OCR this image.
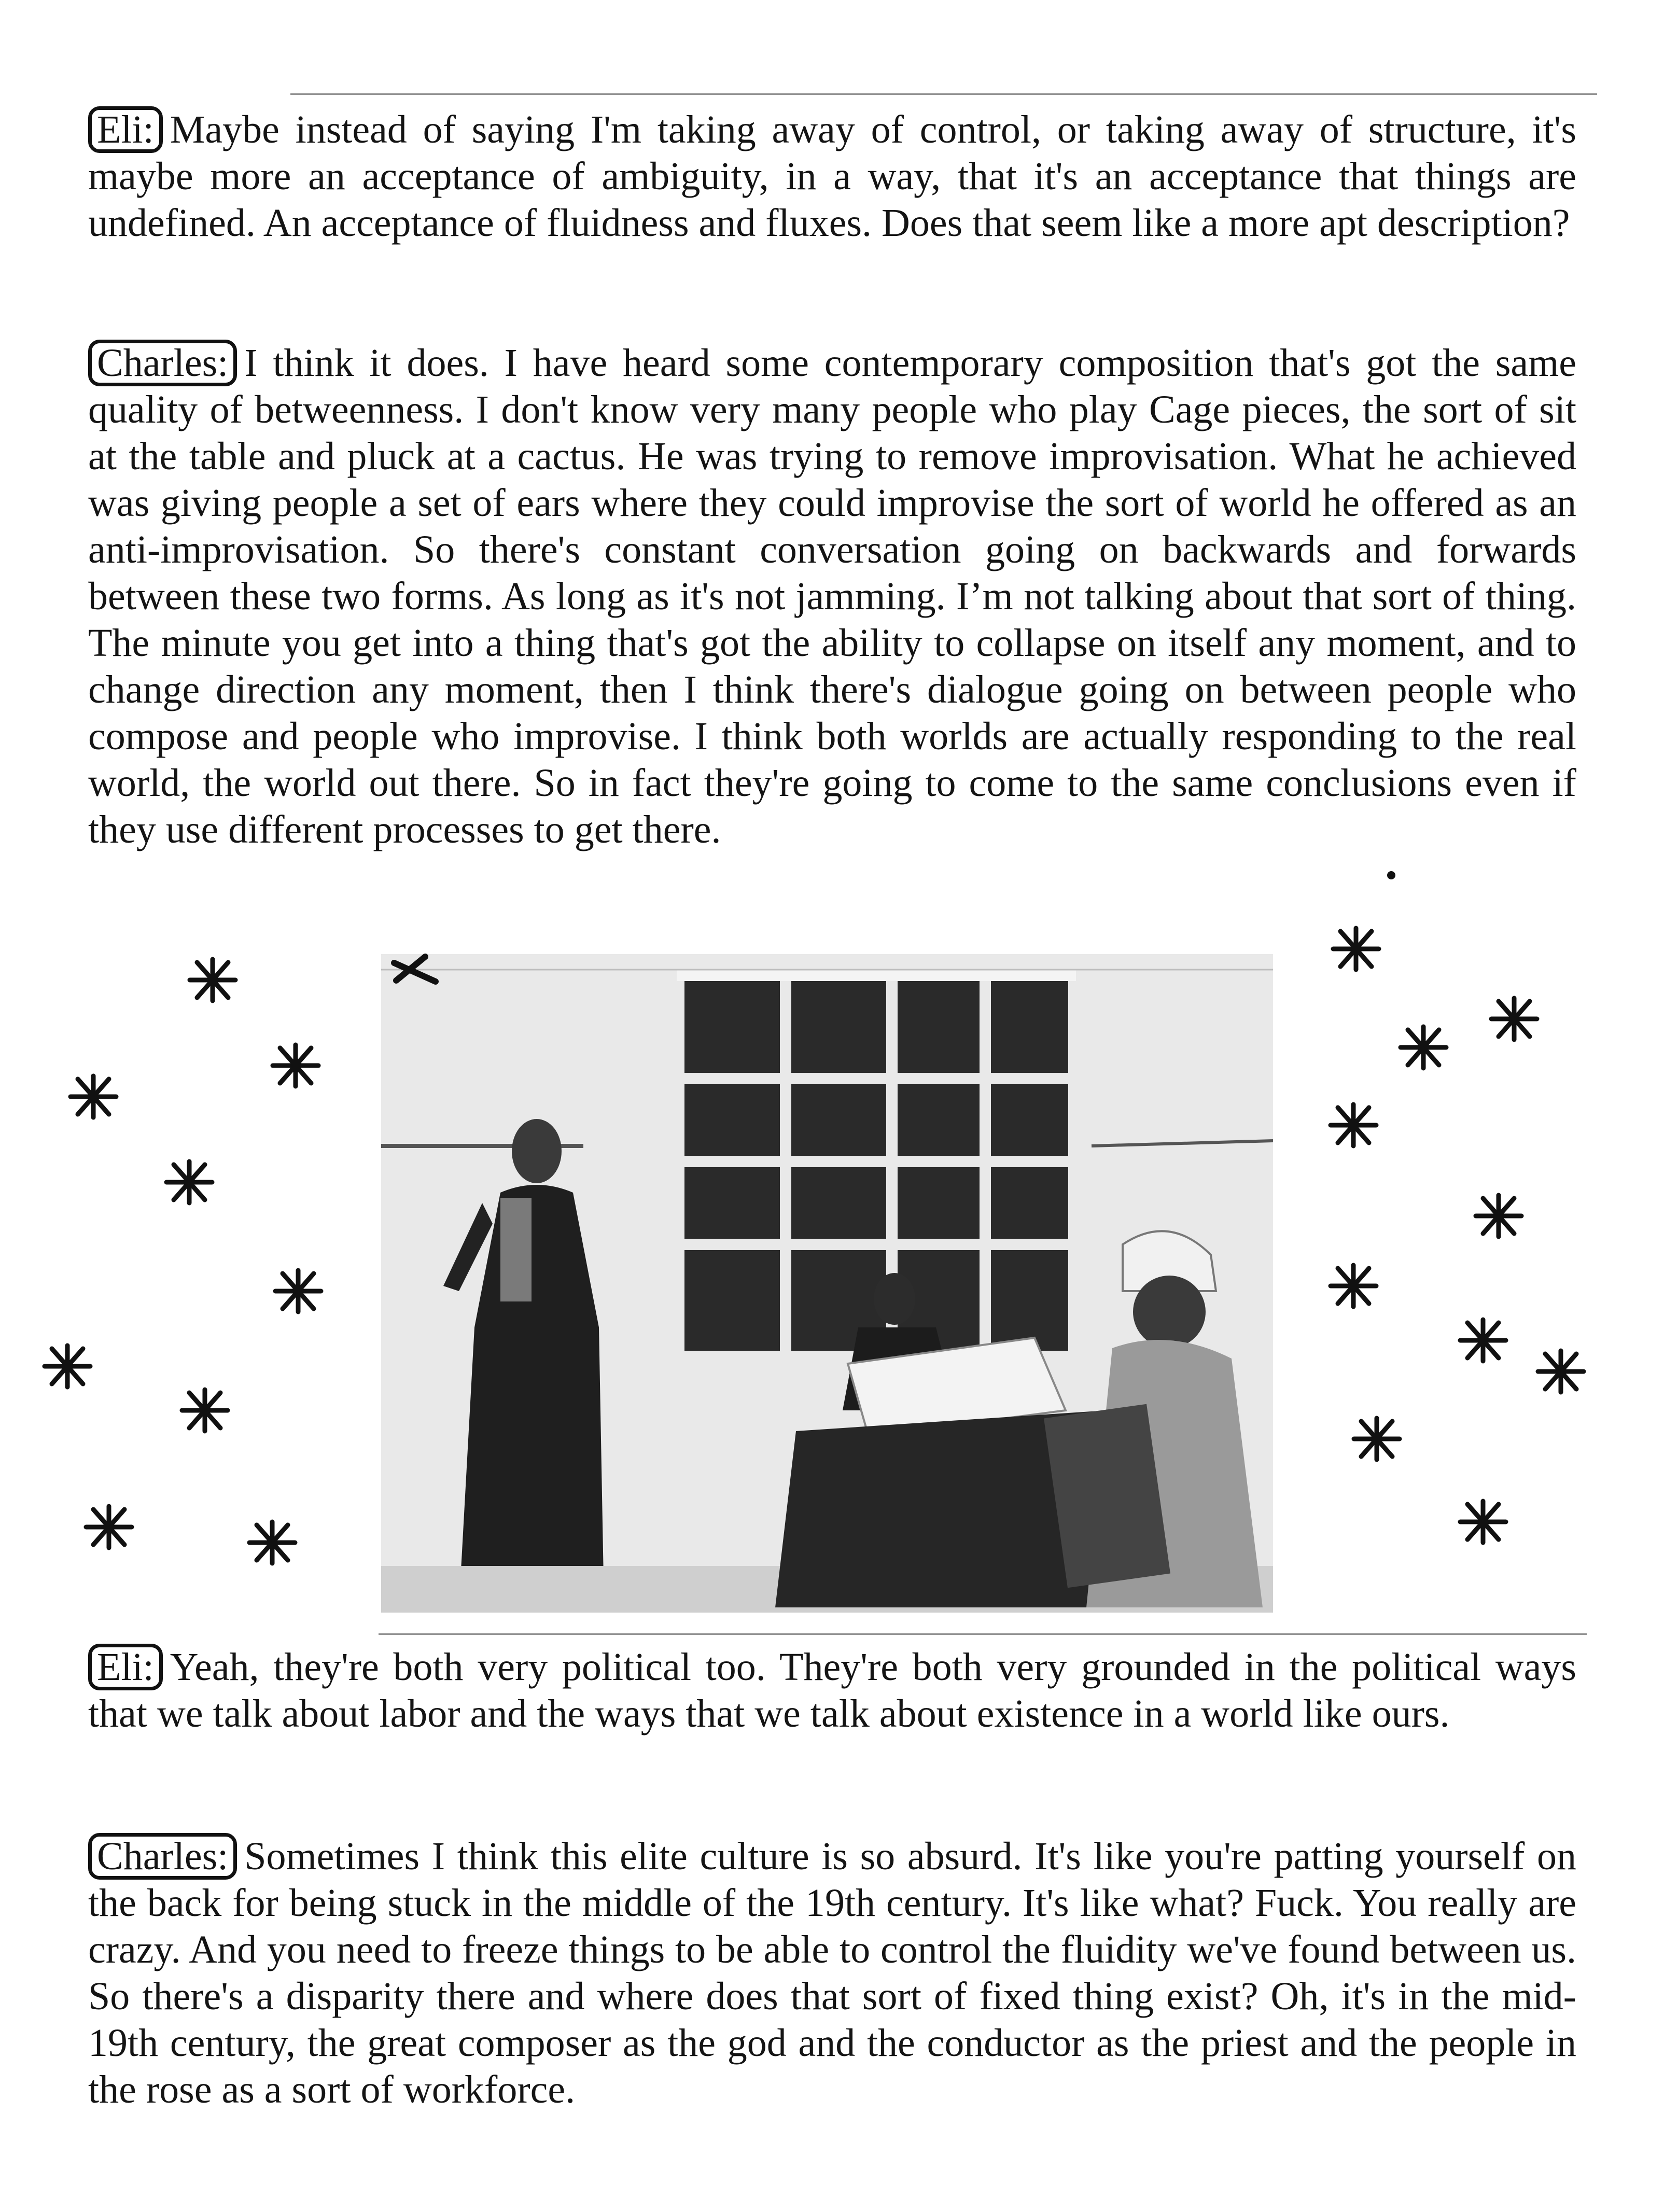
Eli: Maybe instead of saying I'm taking away of control, or taking away of structure, it's maybe more an acceptance of ambiguity, in a way, that it's an acceptance that things are undefined. An acceptance of fluidness and fluxes. Does that seem like a more apt description?

Charles: I think it does. I have heard some contemporary composition that's got the same quality of betweenness. I don't know very many people who play Cage pieces, the sort of sit at the table and pluck at a cactus. He was trying to remove improvisation. What he achieved was giving people a set of ears where they could improvise the sort of world he offered as an anti-improvisation. So there's constant conversation going on backwards and forwards between these two forms. As long as it's not jamming. I’m not talking about that sort of thing. The minute you get into a thing that's got the ability to collapse on itself any moment, and to change direction any moment, then I think there's dialogue going on between people who compose and people who improvise. I think both worlds are actually responding to the real world, the world out there. So in fact they're going to come to the same conclusions even if they use different processes to get there.

Eli: Yeah, they're both very political too. They're both very grounded in the political ways that we talk about labor and the ways that we talk about existence in a world like ours.

Charles: Sometimes I think this elite culture is so absurd. It's like you're patting yourself on the back for being stuck in the middle of the 19th century. It's like what? Fuck. You really are crazy. And you need to freeze things to be able to control the fluidity we've found between us. So there's a disparity there and where does that sort of fixed thing exist? Oh, it's in the mid-19th century, the great composer as the god and the conductor as the priest and the people in the rose as a sort of workforce.
